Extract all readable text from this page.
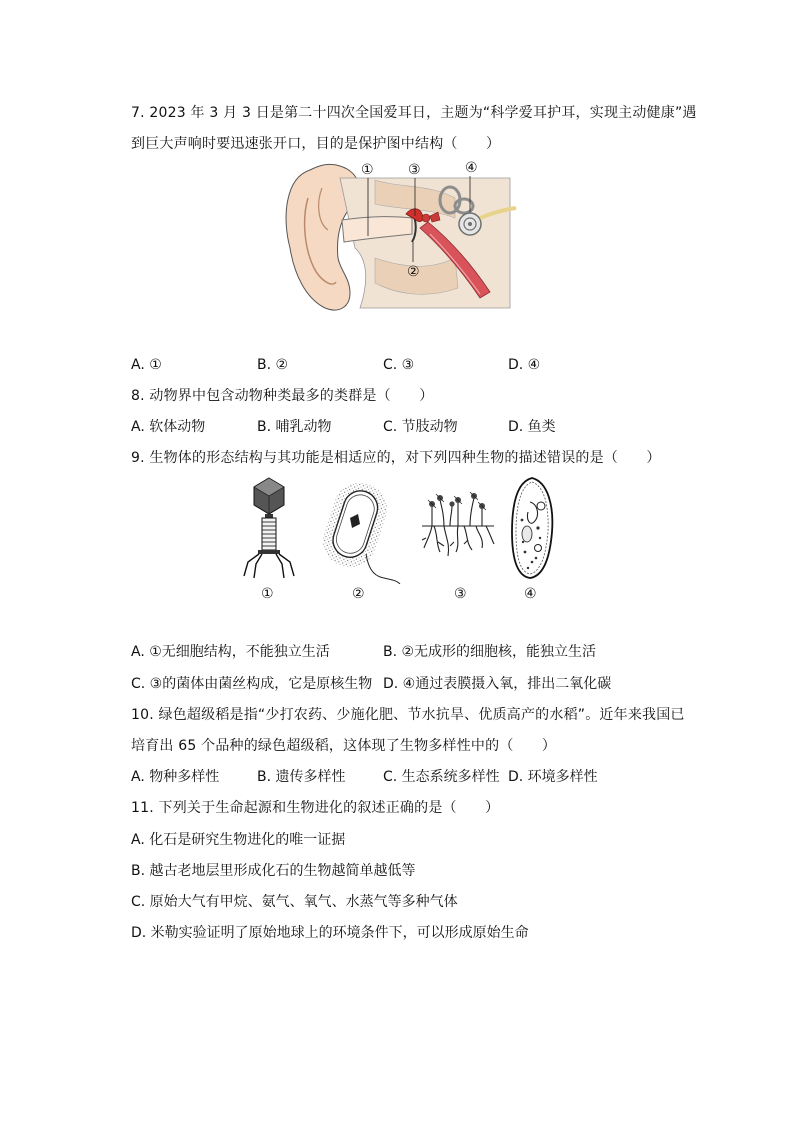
7. 2023 年 3 月 3 日是第二十四次全国爱耳日，主题为“科学爱耳护耳，实现主动健康”遇
到巨大声响时要迅速张开口，目的是保护图中结构（　　）
① ③	④
②
A. ①	B. ②	C. ③	D. ④
8. 动物界中包含动物种类最多的类群是（　　）
A. 软体动物	B. 哺乳动物	C. 节肢动物	D. 鱼类
9. 生物体的形态结构与其功能是相适应的，对下列四种生物的描述错误的是（　　）
①	②	③	④
A. ①无细胞结构，不能独立生活	B. ②无成形的细胞核，能独立生活
C. ③的菌体由菌丝构成，它是原核生物 D. ④通过表膜摄入氧，排出二氧化碳
10. 绿色超级稻是指“少打农药、少施化肥、节水抗旱、优质高产的水稻”。近年来我国已
培育出 65 个品种的绿色超级稻，这体现了生物多样性中的（　　）
A. 物种多样性	B. 遗传多样性	C. 生态系统多样性 D. 环境多样性
11. 下列关于生命起源和生物进化的叙述正确的是（　　）
A. 化石是研究生物进化的唯一证据
B. 越古老地层里形成化石的生物越简单越低等
C. 原始大气有甲烷、氨气、氧气、水蒸气等多种气体
D. 米勒实验证明了原始地球上的环境条件下，可以形成原始生命
